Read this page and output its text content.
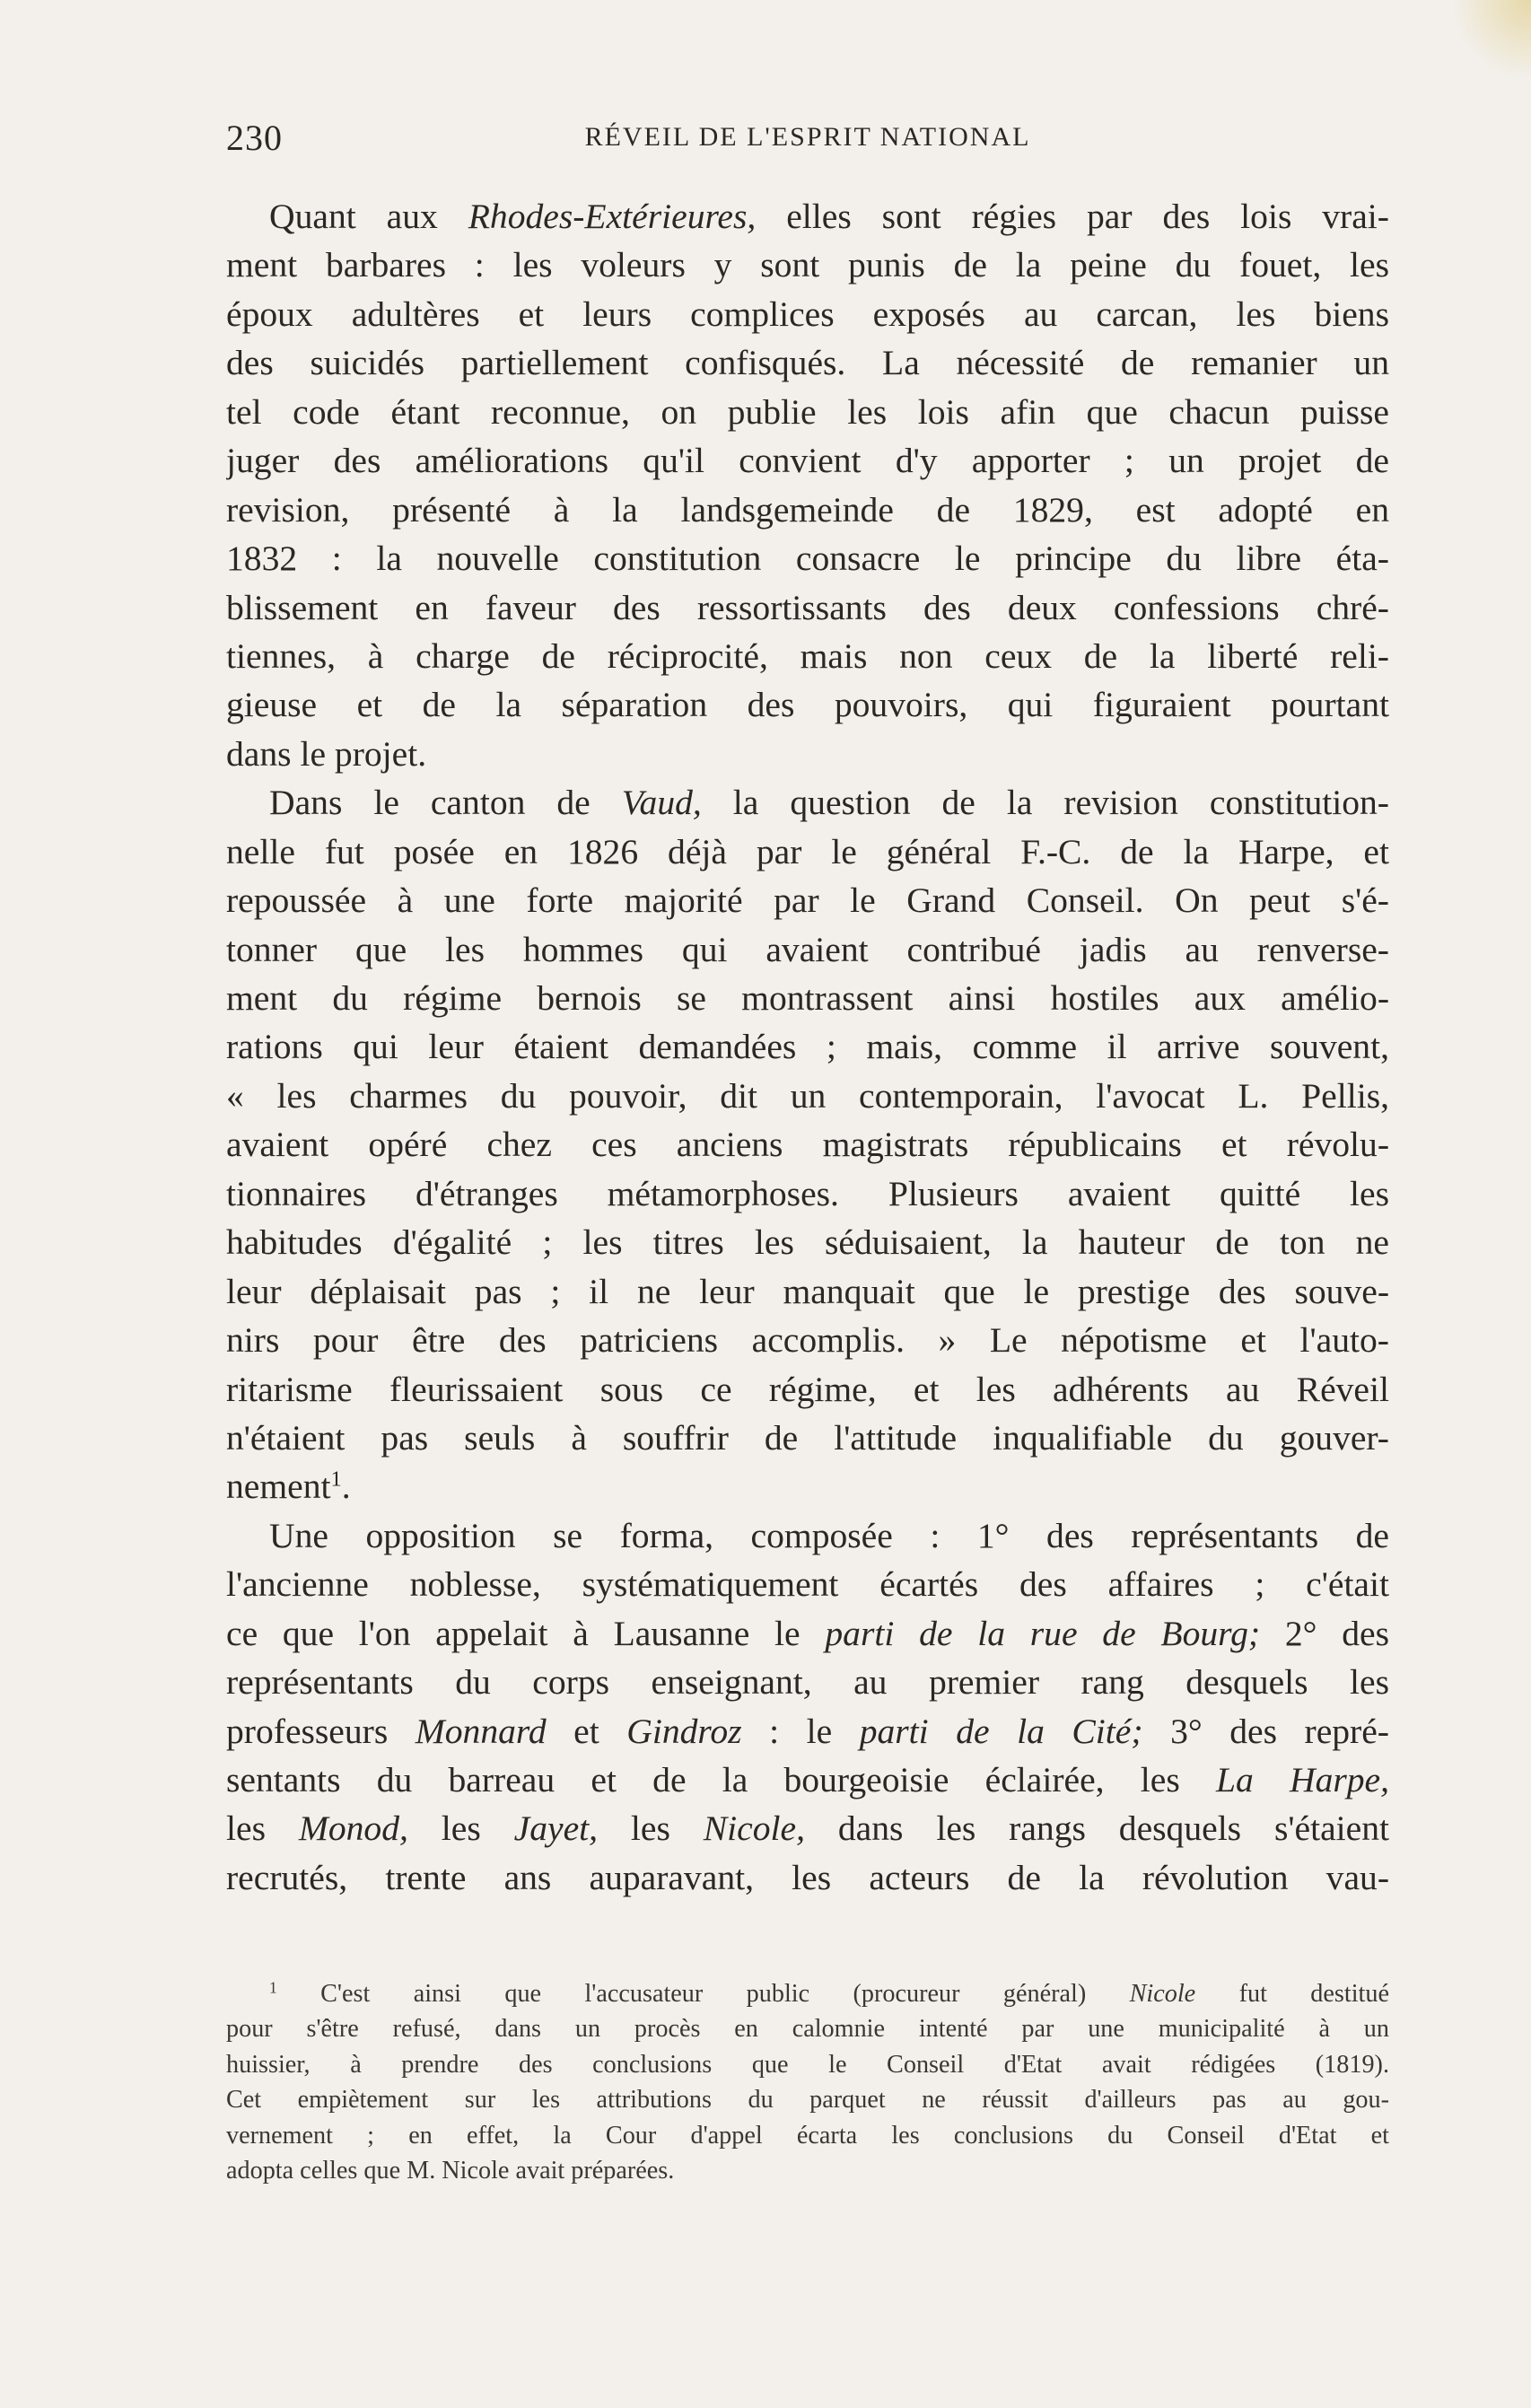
230	RÉVEIL DE L'ESPRIT NATIONAL
Quant aux Rhodes-Extérieures, elles sont régies par des lois vrai-
ment barbares : les voleurs y sont punis de la peine du fouet, les
époux adultères et leurs complices exposés au carcan, les biens
des suicidés partiellement confisqués. La nécessité de remanier un
tel code étant reconnue, on publie les lois afin que chacun puisse
juger des améliorations qu'il convient d'y apporter ; un projet de
revision, présenté à la landsgemeinde de 1829, est adopté en
1832 : la nouvelle constitution consacre le principe du libre éta-
blissement en faveur des ressortissants des deux confessions chré-
tiennes, à charge de réciprocité, mais non ceux de la liberté reli-
gieuse et de la séparation des pouvoirs, qui figuraient pourtant
dans le projet.
Dans le canton de Vaud, la question de la revision constitution-
nelle fut posée en 1826 déjà par le général F.-C. de la Harpe, et
repoussée à une forte majorité par le Grand Conseil. On peut s'é-
tonner que les hommes qui avaient contribué jadis au renverse-
ment du régime bernois se montrassent ainsi hostiles aux amélio-
rations qui leur étaient demandées ; mais, comme il arrive souvent,
« les charmes du pouvoir, dit un contemporain, l'avocat L. Pellis,
avaient opéré chez ces anciens magistrats républicains et révolu-
tionnaires d'étranges métamorphoses. Plusieurs avaient quitté les
habitudes d'égalité ; les titres les séduisaient, la hauteur de ton ne
leur déplaisait pas ; il ne leur manquait que le prestige des souve-
nirs pour être des patriciens accomplis. » Le népotisme et l'auto-
ritarisme fleurissaient sous ce régime, et les adhérents au Réveil
n'étaient pas seuls à souffrir de l'attitude inqualifiable du gouver-
nement$^1$.
Une opposition se forma, composée : 1° des représentants de
l'ancienne noblesse, systématiquement écartés des affaires ; c'était
ce que l'on appelait à Lausanne le parti de la rue de Bourg; 2° des
représentants du corps enseignant, au premier rang desquels les
professeurs Monnard et Gindroz : le parti de la Cité; 3° des repré-
sentants du barreau et de la bourgeoisie éclairée, les La Harpe,
les Monod, les Jayet, les Nicole, dans les rangs desquels s'étaient
recrutés, trente ans auparavant, les acteurs de la révolution vau-
$^1$ C'est ainsi que l'accusateur public (procureur général) Nicole fut destitué
pour s'être refusé, dans un procès en calomnie intenté par une municipalité à un
huissier, à prendre des conclusions que le Conseil d'Etat avait rédigées (1819).
Cet empiètement sur les attributions du parquet ne réussit d'ailleurs pas au gou-
vernement ; en effet, la Cour d'appel écarta les conclusions du Conseil d'Etat et
adopta celles que M. Nicole avait préparées.
